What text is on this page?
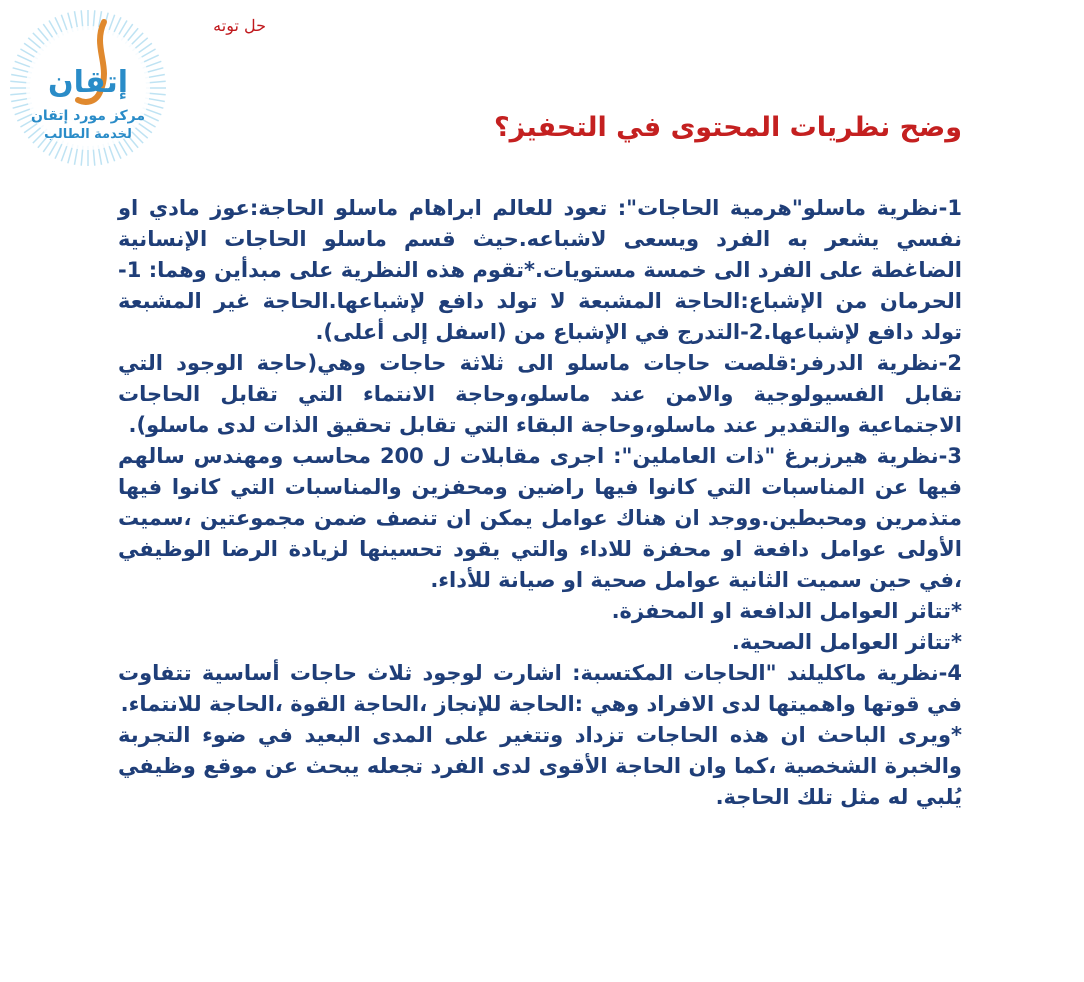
إتقان
مركز مورد إتقان
لخدمة الطالب
حل توته
وضح نظريات المحتوى في التحفيز؟

1-نظرية ماسلو"هرمية الحاجات": تعود للعالم ابراهام ماسلو الحاجة:عوز مادي او نفسي يشعر به الفرد ويسعى لاشباعه.حيث قسم ماسلو الحاجات الإنسانية الضاغطة على الفرد الى خمسة مستويات.*تقوم هذه النظرية على مبدأين وهما: 1- الحرمان من الإشباع:الحاجة المشبعة لا تولد دافع لإشباعها.الحاجة غير المشبعة تولد دافع لإشباعها.2-التدرج في الإشباع من (اسفل إلى أعلى).

2-نظرية الدرفر:قلصت حاجات ماسلو الى ثلاثة حاجات وهي(حاجة الوجود التي تقابل الفسيولوجية والامن عند ماسلو،وحاجة الانتماء التي تقابل الحاجات الاجتماعية والتقدير عند ماسلو،وحاجة البقاء التي تقابل تحقيق الذات لدى ماسلو).

3-نظرية هيرزبرغ "ذات العاملين": اجرى مقابلات ل 200 محاسب ومهندس سالهم فيها عن المناسبات التي كانوا فيها راضين ومحفزين والمناسبات التي كانوا فيها متذمرين ومحبطين.ووجد ان هناك عوامل يمكن ان تنصف ضمن مجموعتين ،سميت الأولى عوامل دافعة او محفزة للاداء والتي يقود تحسينها لزيادة الرضا الوظيفي ،في حين سميت الثانية عوامل صحية او صيانة للأداء.

*تتاثر العوامل الدافعة او المحفزة.

*تتاثر العوامل الصحية.

4-نظرية ماكليلند "الحاجات المكتسبة: اشارت لوجود ثلاث حاجات أساسية تتفاوت في قوتها واهميتها لدى الافراد وهي :الحاجة للإنجاز ،الحاجة القوة ،الحاجة للانتماء.

*ويرى الباحث ان هذه الحاجات تزداد وتتغير على المدى البعيد في ضوء التجربة والخبرة الشخصية ،كما وان الحاجة الأقوى لدى الفرد تجعله يبحث عن موقع وظيفي يُلبي له مثل تلك الحاجة.
